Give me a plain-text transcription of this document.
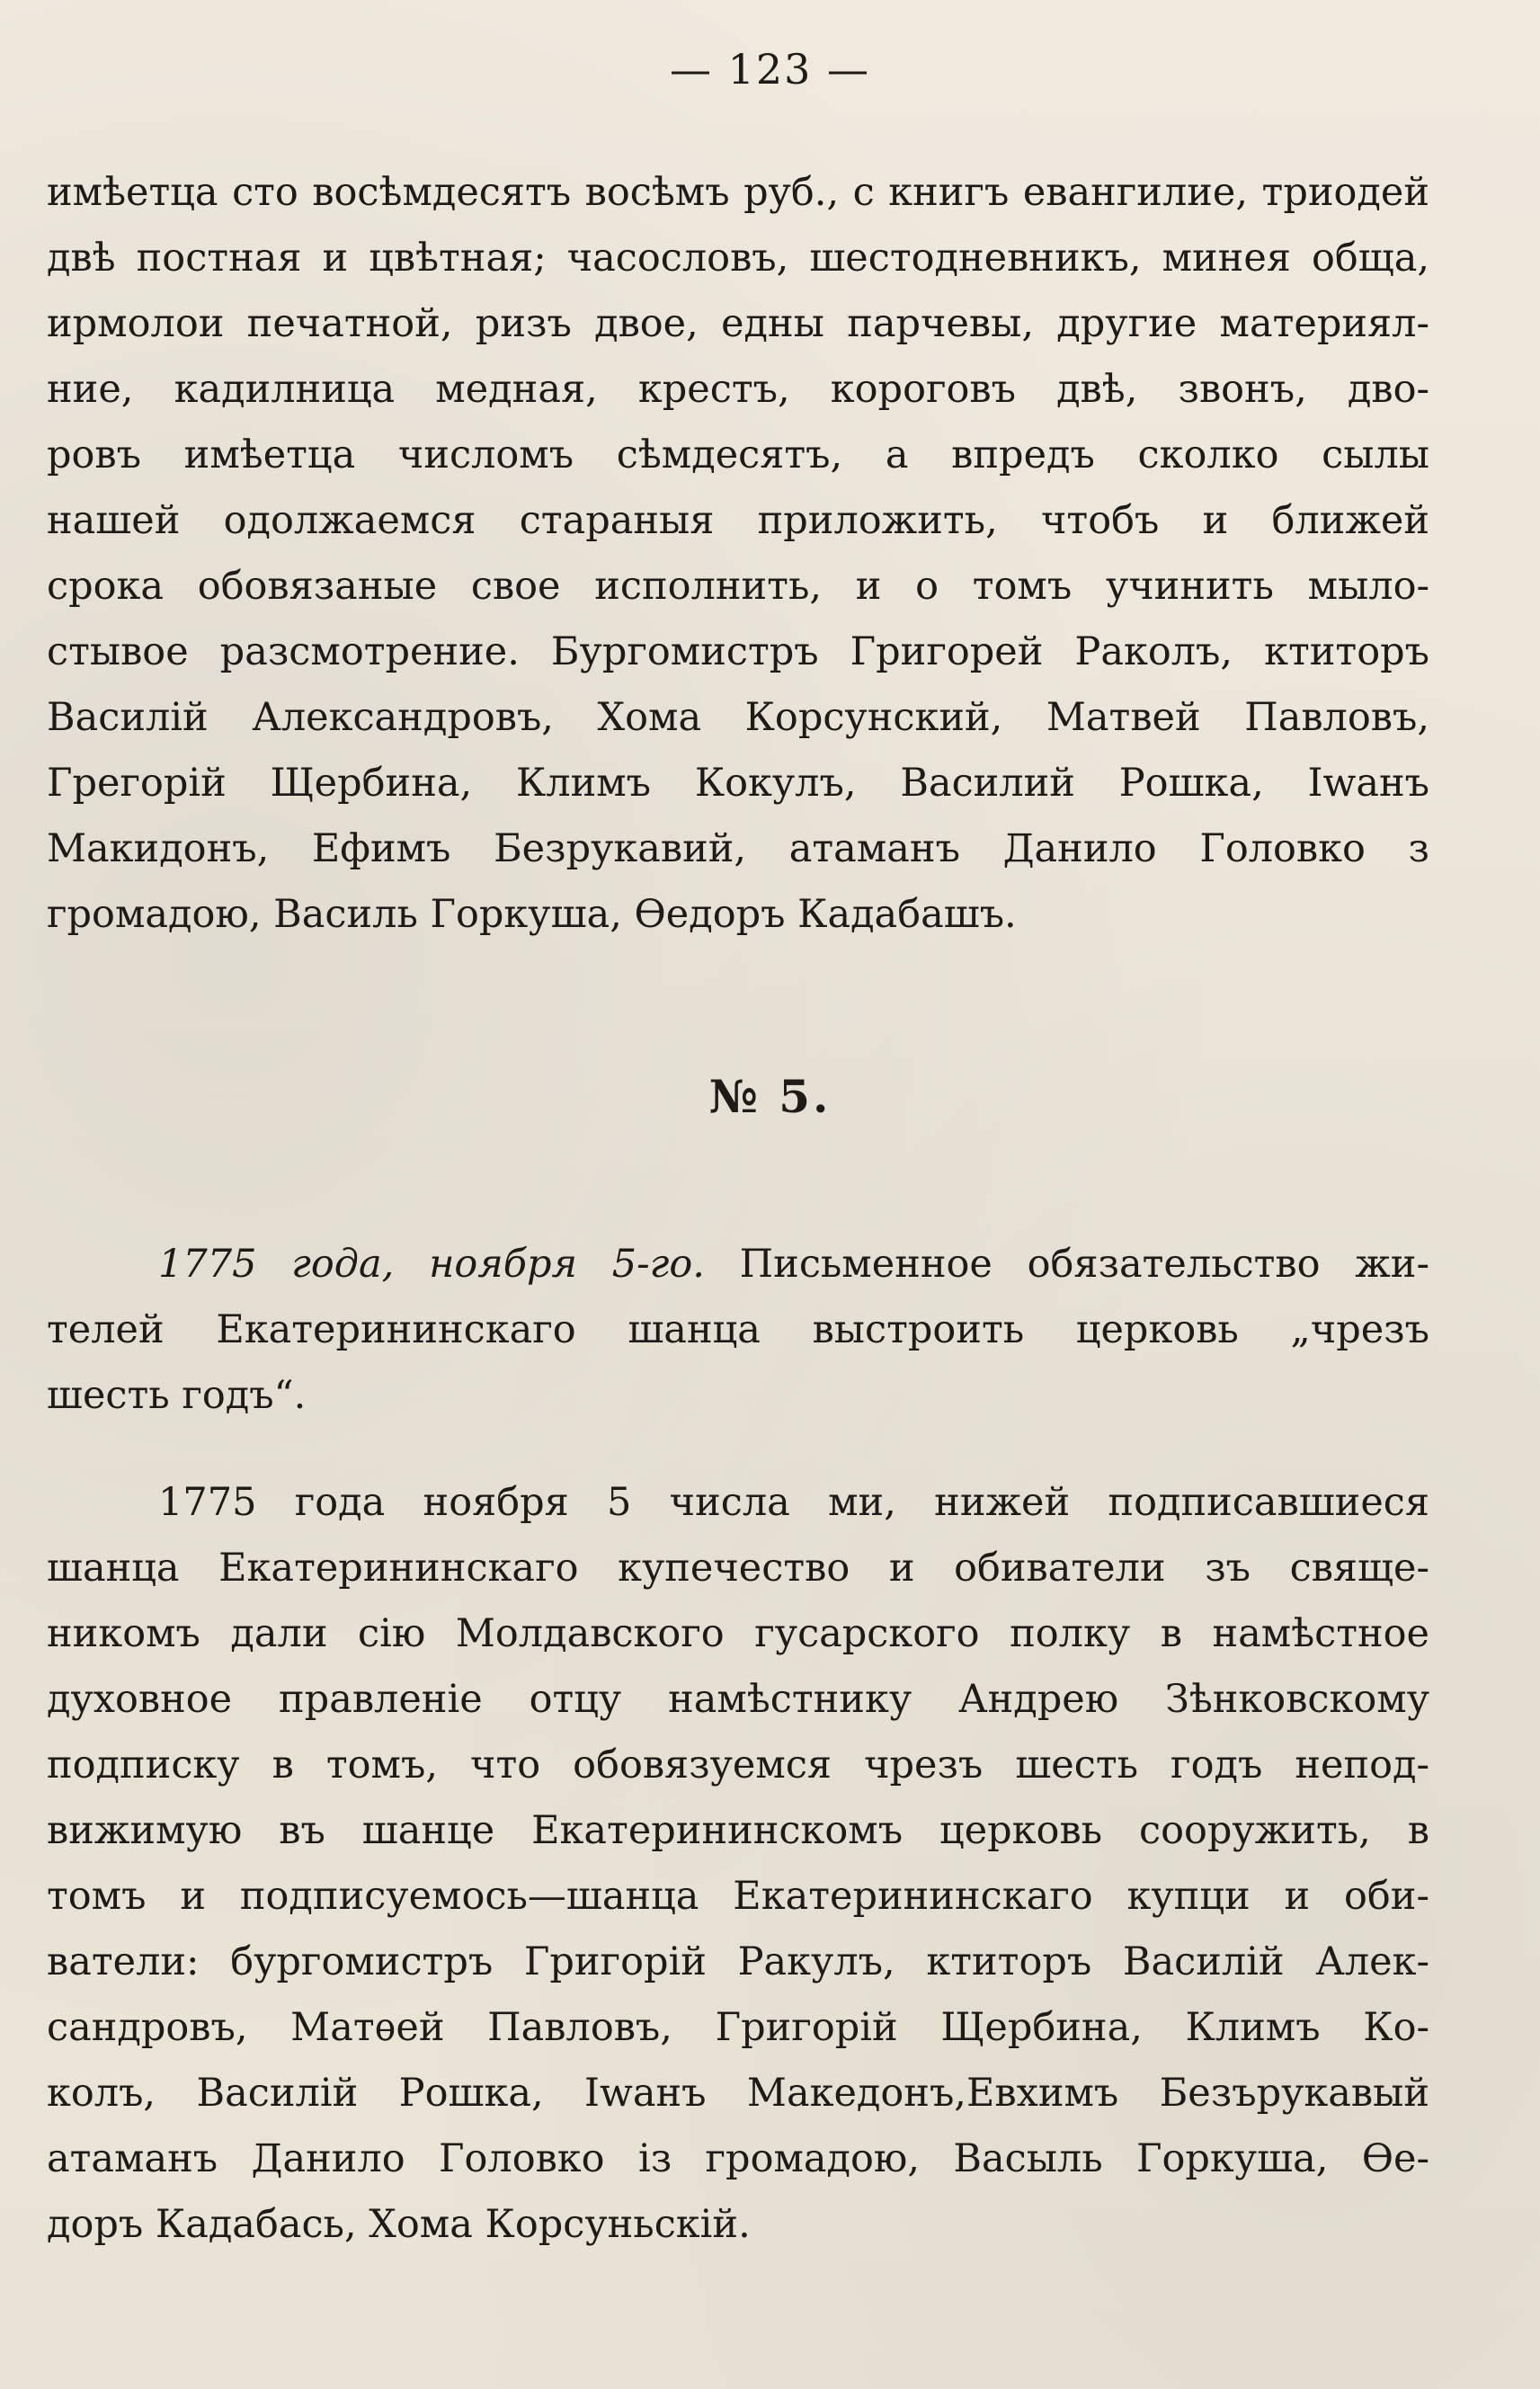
— 123 —
имѣетца сто восѣмдесятъ восѣмъ руб., с книгъ евангилие, триодей
двѣ постная и цвѣтная; часословъ, шестодневникъ, минея обща,
ирмолои печатной, ризъ двое, едны парчевы, другие материял-
ние, кадилница медная, крестъ, короговъ двѣ, звонъ, дво-
ровъ имѣетца числомъ сѣмдесятъ, а впредъ сколко сылы
нашей одолжаемся стараныя приложить, чтобъ и ближей
срока обовязаные свое исполнить, и о томъ учинить мыло-
стывое разсмотрение. Бургомистръ Григорей Раколъ, ктиторъ
Василій Александровъ, Хома Корсунский, Матвей Павловъ,
Грегорій Щербина, Климъ Кокулъ, Василий Рошка, Iwанъ
Макидонъ, Ефимъ Безрукавий, атаманъ Данило Головко з
громадою, Василь Горкуша, Ѳедоръ Кадабашъ.
№ 5.
1775 года, ноября 5-го. Письменное обязательство жи-
телей Екатерининскаго шанца выстроить церковь „чрезъ
шесть годъ“.
1775 года ноября 5 числа ми, нижей подписавшиеся
шанца Екатерининскаго купечество и обиватели зъ свяще-
никомъ дали сію Молдавского гусарского полку в намѣстное
духовное правленіе отцу намѣстнику Андрею Зѣнковскому
подписку в томъ, что обовязуемся чрезъ шесть годъ непод-
вижимую въ шанце Екатерининскомъ церковь сооружить, в
томъ и подписуемось—шанца Екатерининскаго купци и оби-
ватели: бургомистръ Григорій Ракулъ, ктиторъ Василій Алек-
сандровъ, Матѳей Павловъ, Григорій Щербина, Климъ Ко-
колъ, Василій Рошка, Iwанъ Македонъ,Евхимъ Безърукавый
атаманъ Данило Головко із громадою, Васыль Горкуша, Ѳе-
доръ Кадабась, Хома Корсуньскій.
